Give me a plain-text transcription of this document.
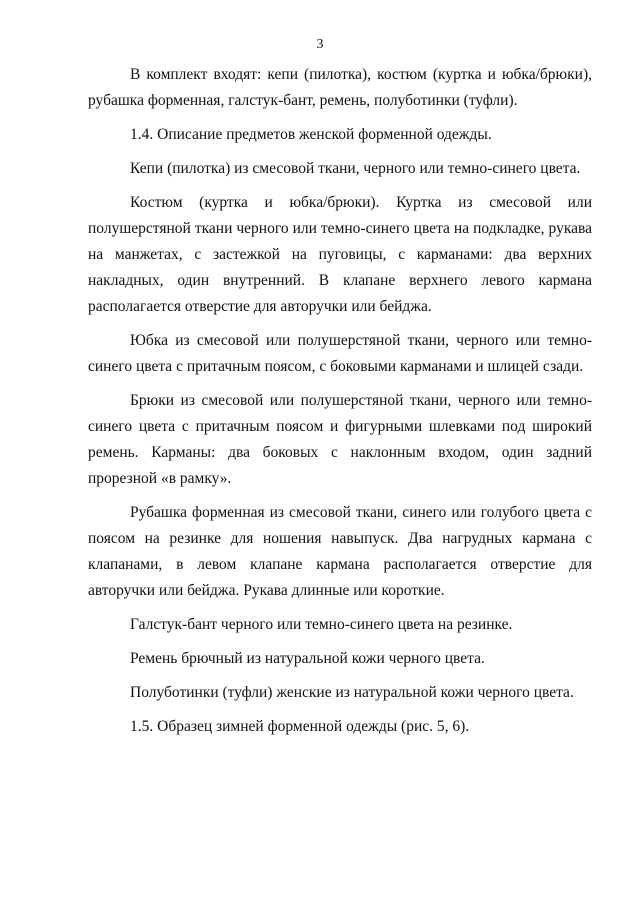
3

В комплект входят: кепи (пилотка), костюм (куртка и юбка/брюки), рубашка форменная, галстук-бант, ремень, полуботинки (туфли).

1.4. Описание предметов женской форменной одежды.

Кепи (пилотка) из смесовой ткани, черного или темно-синего цвета.

Костюм (куртка и юбка/брюки). Куртка из смесовой или полушерстяной ткани черного или темно-синего цвета на подкладке, рукава на манжетах, с застежкой на пуговицы, с карманами: два верхних накладных, один внутренний. В клапане верхнего левого кармана располагается отверстие для авторучки или бейджа.

Юбка из смесовой или полушерстяной ткани, черного или темно-синего цвета с притачным поясом, с боковыми карманами и шлицей сзади.

Брюки из смесовой или полушерстяной ткани, черного или темно-синего цвета с притачным поясом и фигурными шлевками под широкий ремень. Карманы: два боковых с наклонным входом, один задний прорезной «в рамку».

Рубашка форменная из смесовой ткани, синего или голубого цвета с поясом на резинке для ношения навыпуск. Два нагрудных кармана с клапанами, в левом клапане кармана располагается отверстие для авторучки или бейджа. Рукава длинные или короткие.

Галстук-бант черного или темно-синего цвета на резинке.

Ремень брючный из натуральной кожи черного цвета.

Полуботинки (туфли) женские из натуральной кожи черного цвета.

1.5. Образец зимней форменной одежды (рис. 5, 6).
